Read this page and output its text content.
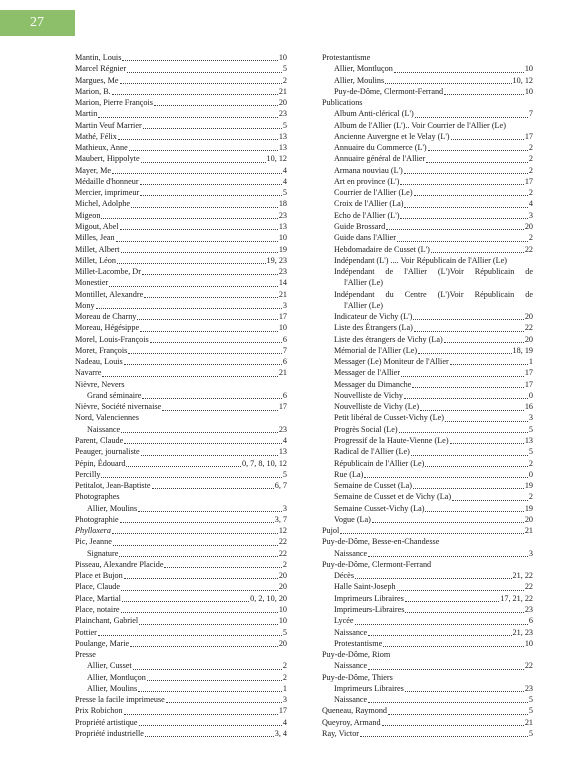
27
Mantin, Louis	10
Marcel Régnier	5
Margues, Me	2
Marion, B.	21
Marion, Pierre François	20
Martin	23
Martin Veuf Marrier	5
Mathé, Félix	13
Mathieux, Anne	13
Maubert, Hippolyte	10, 12
Mayer, Me	4
Médaille d'honneur	4
Mercier, imprimeur	5
Michel, Adolphe	18
Migeon	23
Migout, Abel	13
Milles, Jean	10
Millet, Albert	19
Millet, Léon	19, 23
Millet-Lacombe, Dr	23
Monestier	14
Montillet, Alexandre	21
Mony	3
Moreau de Charny	17
Moreau, Hégésippe	10
Morel, Louis-François	6
Moret, François	7
Nadeau, Louis	6
Navarre	21
Nièvre, Nevers
Grand séminaire	6
Nièvre, Société nivernaise	17
Nord, Valenciennes
Naissance	23
Parent, Claude	4
Peauger, journaliste	13
Pépin, Édouard	0, 7, 8, 10, 12
Percilly	5
Petitalot, Jean-Baptiste	6, 7
Photographes
Allier, Moulins	3
Photographie	3, 7
Phylloxera	12
Pic, Jeanne	22
Signature	22
Pisseau, Alexandre Placide	2
Place et Bujon	20
Place, Claude	20
Place, Martial	0, 2, 10, 20
Place, notaire	10
Plainchant, Gabriel	10
Pottier	5
Poulange, Marie	20
Presse
Allier, Cusset	2
Allier, Montluçon	2
Allier, Moulins	1
Presse la facile imprimeuse	3
Prix Robichon	17
Propriété artistique	4
Propriété industrielle	3, 4
Protestantisme
Allier, Montluçon	10
Allier, Moulins	10, 12
Puy-de-Dôme, Clermont-Ferrand	10
Publications
Album Anti-clérical (L')	7
Album de l'Allier (L').. Voir Courrier de l'Allier (Le)
Ancienne Auvergne et le Velay (L')	17
Annuaire du Commerce (L')	2
Annuaire général de l'Allier	2
Armana nouviau (L')	2
Art en province (L')	17
Courrier de l'Allier (Le)	2
Croix de l'Allier (La)	4
Echo de l'Allier (L')	3
Guide Brossard	20
Guide dans l'Allier	2
Hebdomadaire de Cusset (L')	22
Indépendant (L') .... Voir Républicain de l'Allier (Le)
Indépendant de l'Allier (L')Voir Républicain de
l'Allier (Le)
Indépendant du Centre (L')Voir Républicain de
l'Allier (Le)
Indicateur de Vichy (L')	20
Liste des Étrangers (La)	22
Liste des étrangers de Vichy (La)	20
Mémorial de l'Allier (Le)	18, 19
Messager (Le) Moniteur de l'Allier	1
Messager de l'Allier	17
Messager du Dimanche	17
Nouvelliste de Vichy	0
Nouvelliste de Vichy (Le)	16
Petit libéral de Cusset-Vichy (Le)	3
Progrès Social (Le)	5
Progressif de la Haute-Vienne (Le)	13
Radical de l'Allier (Le)	5
Républicain de l'Allier (Le)	2
Rue (La)	0
Semaine de Cusset (La)	19
Semaine de Cusset et de Vichy (La)	2
Semaine Cusset-Vichy (La)	19
Vogue (La)	20
Pujol	21
Puy-de-Dôme, Besse-en-Chandesse
Naissance	3
Puy-de-Dôme, Clermont-Ferrand
Décès	21, 22
Halle Saint-Joseph	22
Imprimeurs Libraires	17, 21, 22
Imprimeurs-Libraires	23
Lycée	6
Naissance	21, 23
Protestantisme	10
Puy-de-Dôme, Riom
Naissance	22
Puy-de-Dôme, Thiers
Imprimeurs Libraires	23
Naissance	5
Queneau, Raymond	5
Queyroy, Armand	21
Ray, Victor	5
